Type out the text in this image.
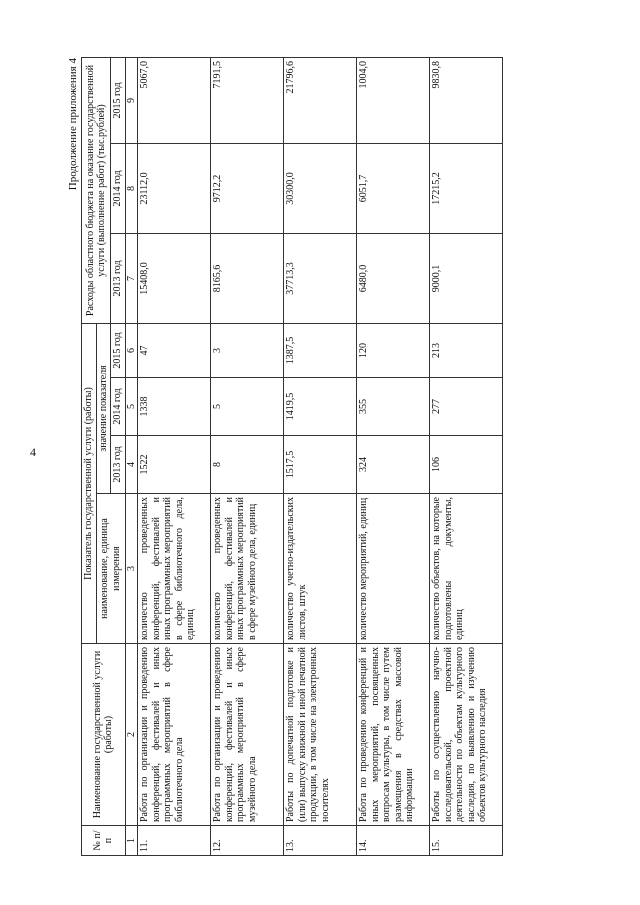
4
Продолжение приложения 4
№ п/п	Наименование государственной услуги (работы)	Показатель государственной услуги (работы)				Расходы областного бюджета на оказание государственной услуги (выполнение работ) (тыс.рублей)		
		наименование, единица измерения	значение показателя					
			2013 год	2014 год	2015 год	2013 год	2014 год	2015 год
1	2	3	4	5	6	7	8	9
11.	Работа по организации и проведению конференций, фестивалей и иных программных мероприятий в сфере библиотечного дела	количество проведенных конференций, фестивалей и иных программных мероприятий в сфере библиотечного дела, единиц	1522	1338	47	15408,0	23112,0	5067,0
12.	Работа по организации и проведению конференций, фестивалей и иных программных мероприятий в сфере музейного дела	количество проведенных конференций, фестивалей и иных программных мероприятий в сфере музейного дела, единиц	8	5	3	8165,6	9712,2	7191,5
13.	Работы по допечатной подготовке и (или) выпуску книжной и иной печатной продукции, в том числе на электронных носителях	количество учетно-издательских листов, штук	1517,5	1419,5	1387,5	37713,3	30300,0	21796,6
14.	Работа по проведению конференций и иных мероприятий, посвященных вопросам культуры, в том числе путем размещения в средствах массовой информации	количество мероприятий, единиц	324	355	120	6480,0	6051,7	1004,0
15.	Работы по осуществлению научно-исследовательской, проектной деятельности по объектам культурного наследия, по выявлению и изучению объектов культурного наследия	количество объектов, на которые подготовлены документы, единиц	106	277	213	9000,1	17215,2	9830,8
